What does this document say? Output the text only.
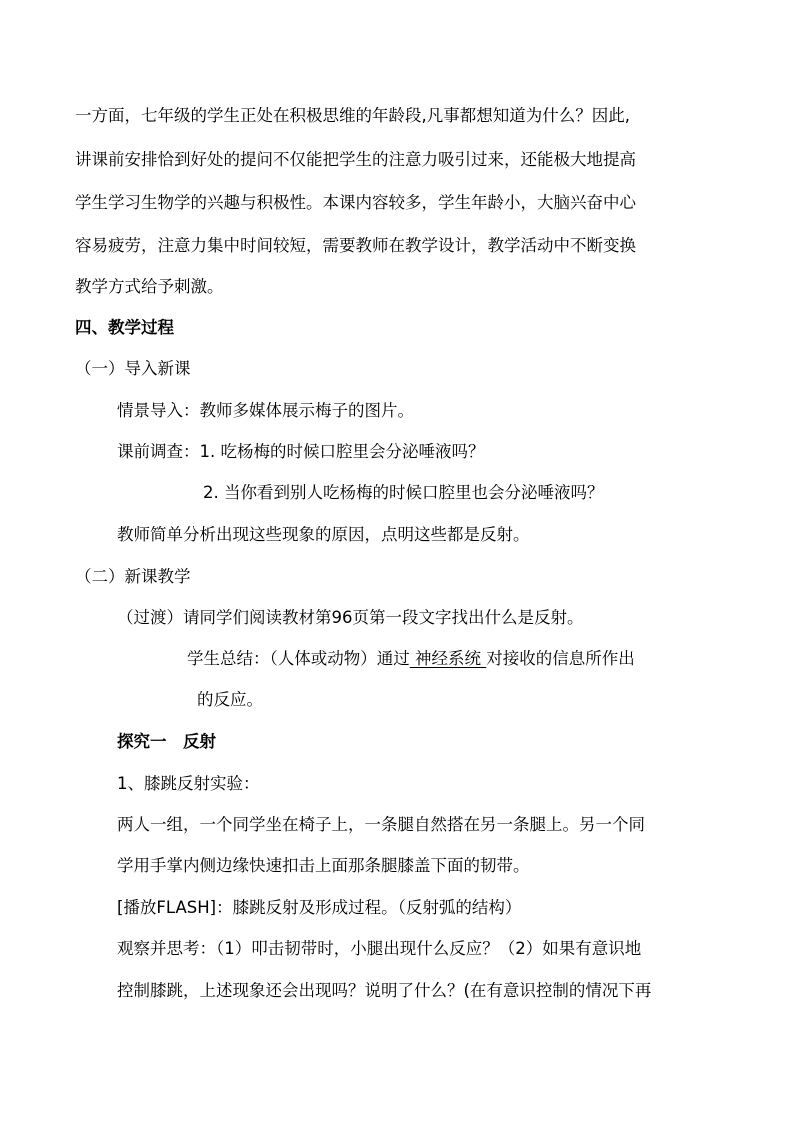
一方面，七年级的学生正处在积极思维的年龄段,凡事都想知道为什么？因此,
讲课前安排恰到好处的提问不仅能把学生的注意力吸引过来，还能极大地提高
学生学习生物学的兴趣与积极性。本课内容较多，学生年龄小，大脑兴奋中心
容易疲劳，注意力集中时间较短，需要教师在教学设计，教学活动中不断变换
教学方式给予刺激。
四、教学过程
（一）导入新课
情景导入：教师多媒体展示梅子的图片。
课前调查：1. 吃杨梅的时候口腔里会分泌唾液吗？
2. 当你看到别人吃杨梅的时候口腔里也会分泌唾液吗？
教师简单分析出现这些现象的原因，点明这些都是反射。
（二）新课教学
（过渡）请同学们阅读教材第96页第一段文字找出什么是反射。
学生总结：（人体或动物）通过 神经系统 对接收的信息所作出
的反应。
探究一　反射
1、膝跳反射实验：
两人一组，一个同学坐在椅子上，一条腿自然搭在另一条腿上。另一个同
学用手掌内侧边缘快速扣击上面那条腿膝盖下面的韧带。
[播放FLASH]：膝跳反射及形成过程。（反射弧的结构）
观察并思考：（1）叩击韧带时，小腿出现什么反应？（2）如果有意识地
控制膝跳，上述现象还会出现吗？说明了什么？(在有意识控制的情况下再
